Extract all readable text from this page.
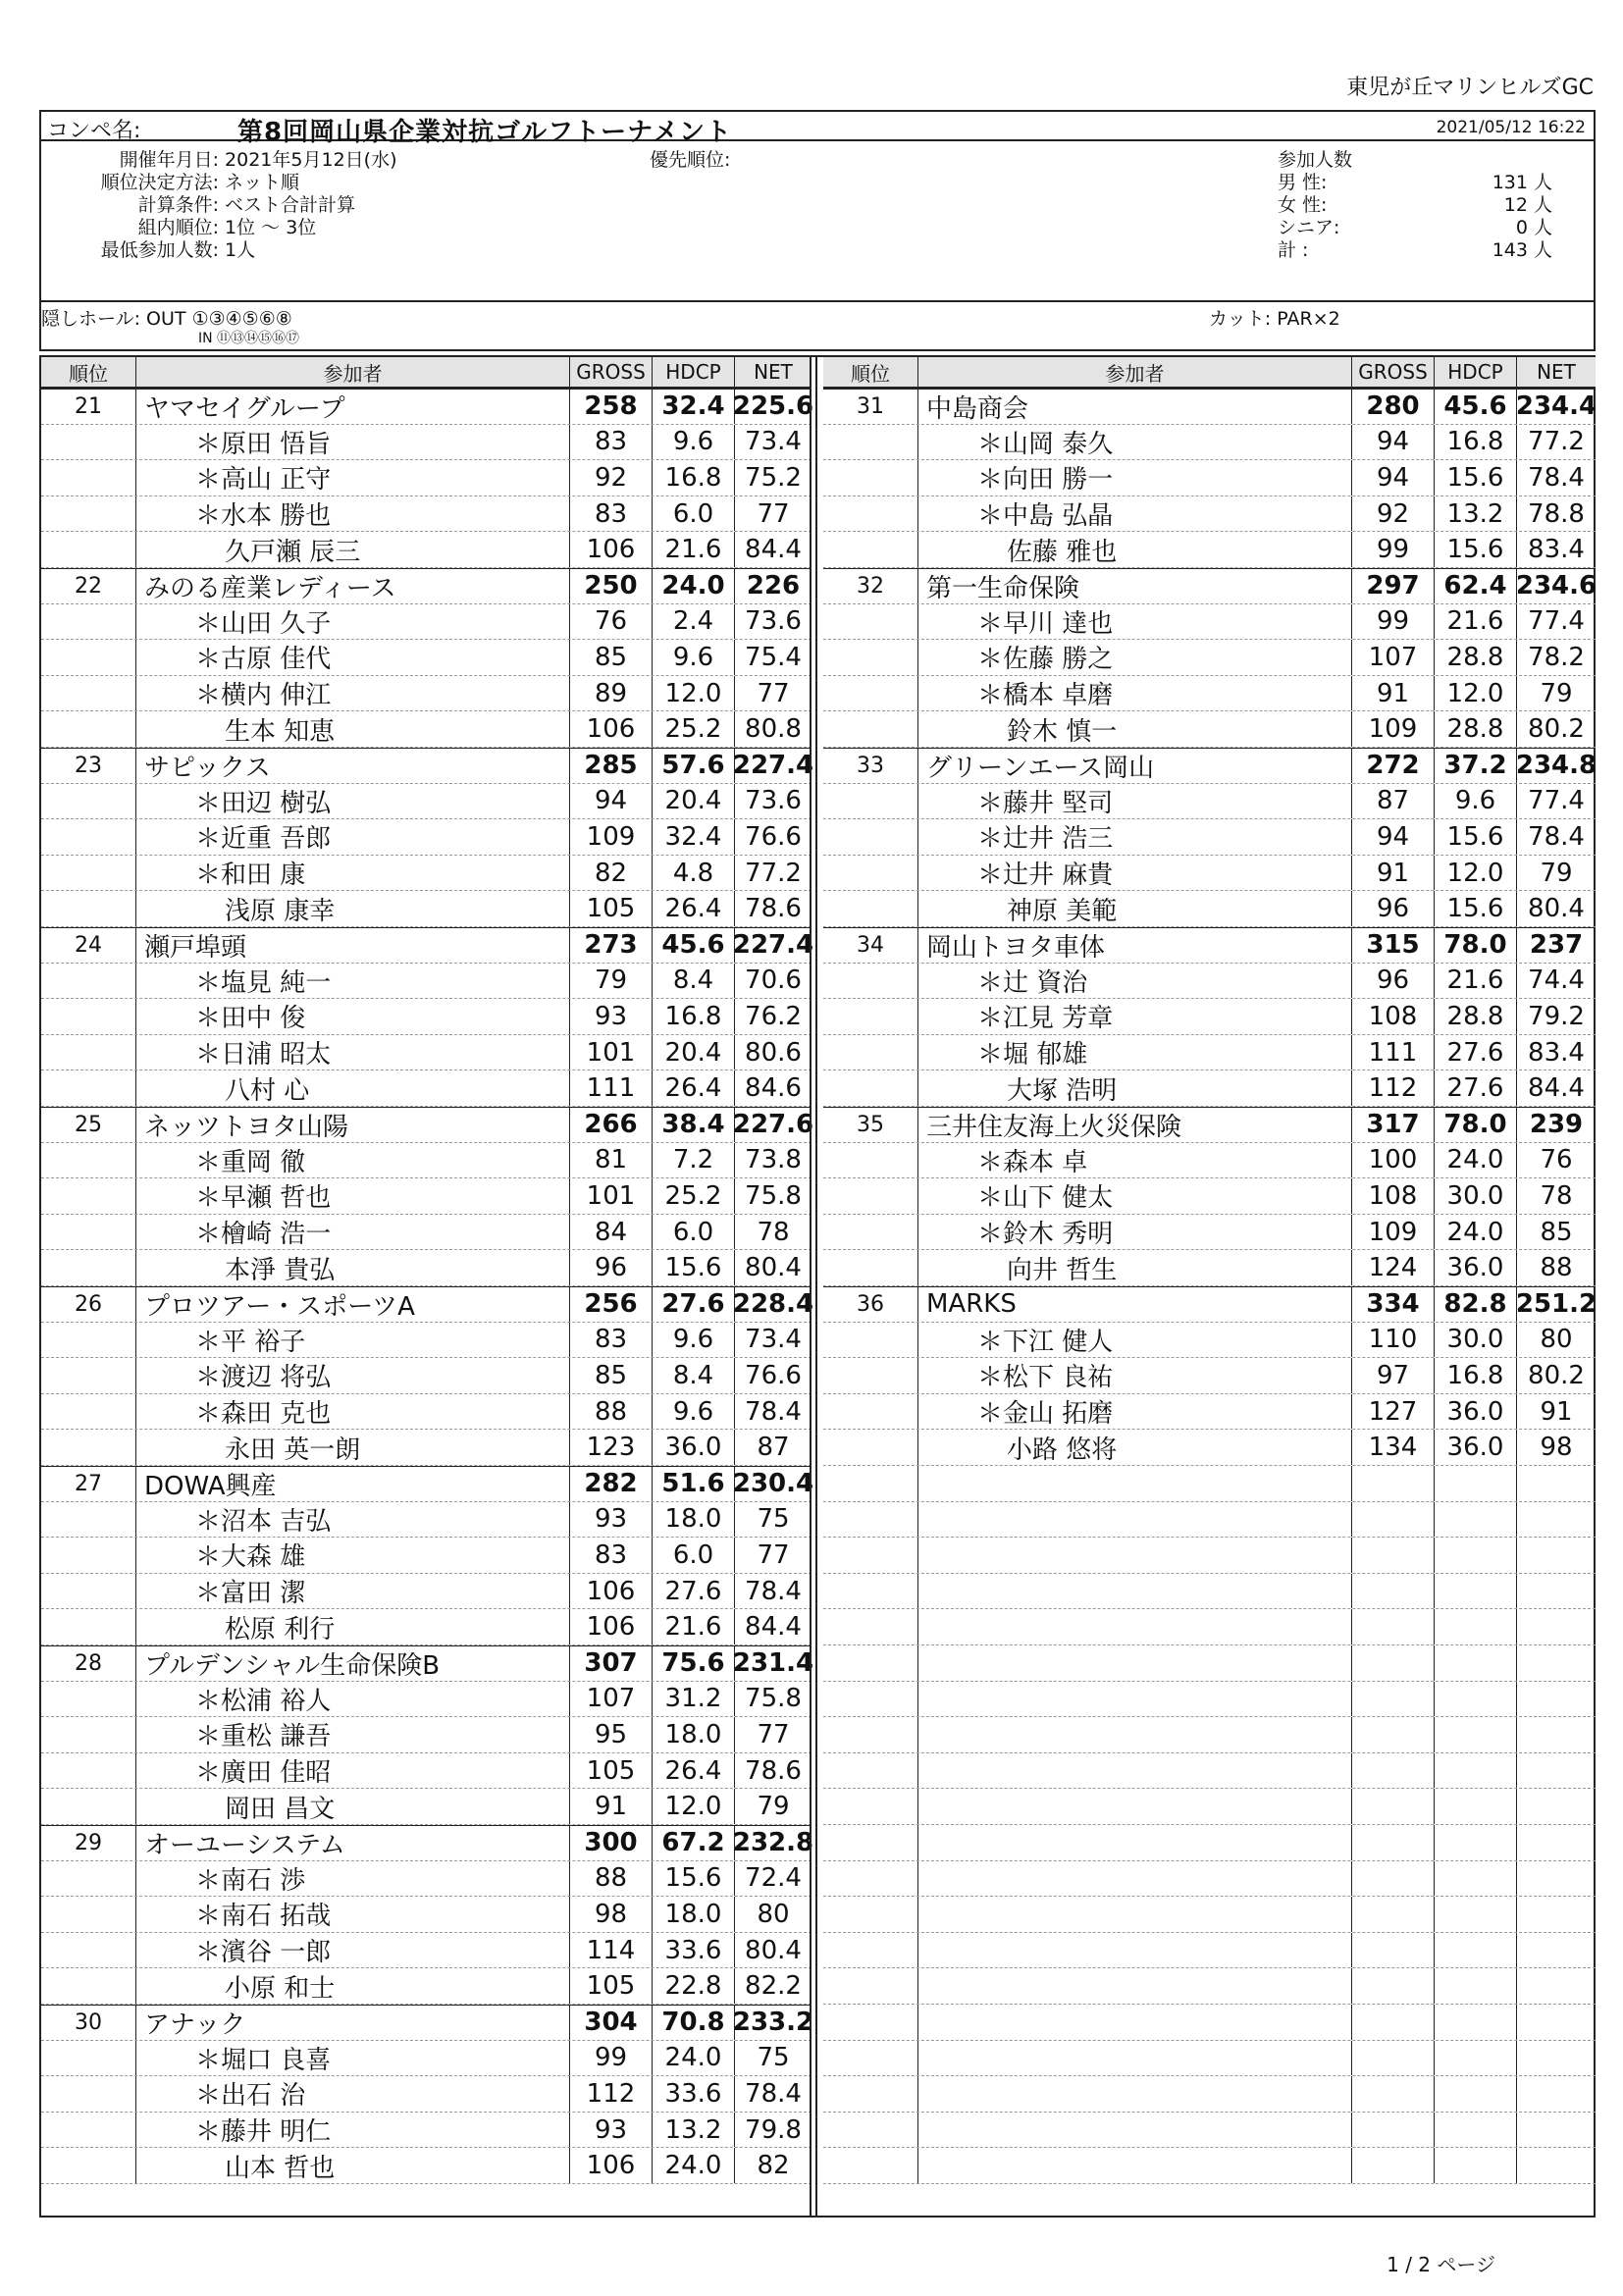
東児が丘マリンヒルズGC
コンペ名:	第8回岡山県企業対抗ゴルフトーナメント	2021/05/12 16:22
開催年月日: 2021年5月12日(水)
順位決定方法: ネット順
計算条件: ベスト合計計算
組内順位: 1位 ～ 3位
最低参加人数: 1人
優先順位:	参加人数
男 性:	131 人
女 性:	12 人
シニア:	0 人
計 :	143 人
隠しホール: OUT ①③④⑤⑥⑧
IN ⑪⑬⑭⑮⑯⑰
カット: PAR×2
順位	参加者	GROSS	HDCP	NET
21	ヤマセイグループ	258 32.4 225.6
＊原田 悟旨	83	9.6	73.4
＊高山 正守	92	16.8 75.2
＊水本 勝也	83	6.0	77
久戸瀬 辰三	106	21.6 84.4
22	みのる産業レディース	250 24.0 226
＊山田 久子	76	2.4	73.6
＊古原 佳代	85	9.6	75.4
＊横内 伸江	89	12.0	77
生本 知恵	106	25.2 80.8
23	サピックス	285 57.6 227.4
＊田辺 樹弘	94	20.4 73.6
＊近重 吾郎	109	32.4 76.6
＊和田 康	82	4.8	77.2
浅原 康幸	105	26.4 78.6
24	瀬戸埠頭	273 45.6 227.4
＊塩見 純一	79	8.4	70.6
＊田中 俊	93	16.8 76.2
＊日浦 昭太	101	20.4 80.6
八村 心	111	26.4 84.6
25	ネッツトヨタ山陽	266 38.4 227.6
＊重岡 徹	81	7.2	73.8
＊早瀬 哲也	101	25.2 75.8
＊檜崎 浩一	84	6.0	78
本淨 貴弘	96	15.6 80.4
26	プロツアー・スポーツA	256 27.6 228.4
＊平 裕子	83	9.6	73.4
＊渡辺 将弘	85	8.4	76.6
＊森田 克也	88	9.6	78.4
永田 英一朗	123	36.0	87
27	DOWA興産	282 51.6 230.4
＊沼本 吉弘	93	18.0	75
＊大森 雄	83	6.0	77
＊富田 潔	106	27.6 78.4
松原 利行	106	21.6 84.4
28	プルデンシャル生命保険B	307 75.6 231.4
＊松浦 裕人	107	31.2 75.8
＊重松 謙吾	95	18.0	77
＊廣田 佳昭	105	26.4 78.6
岡田 昌文	91	12.0	79
29	オーユーシステム	300 67.2 232.8
＊南石 渉	88	15.6 72.4
＊南石 拓哉	98	18.0	80
＊濱谷 一郎	114	33.6 80.4
小原 和士	105	22.8 82.2
30	アナック	304 70.8 233.2
＊堀口 良喜	99	24.0	75
＊出石 治	112	33.6 78.4
＊藤井 明仁	93	13.2 79.8
山本 哲也	106	24.0	82
順位	参加者	GROSS	HDCP	NET
31	中島商会	280 45.6 234.4
＊山岡 泰久	94	16.8 77.2
＊向田 勝一	94	15.6 78.4
＊中島 弘晶	92	13.2 78.8
佐藤 雅也	99	15.6 83.4
32	第一生命保険	297 62.4 234.6
＊早川 達也	99	21.6 77.4
＊佐藤 勝之	107	28.8 78.2
＊橋本 卓磨	91	12.0	79
鈴木 慎一	109	28.8 80.2
33	グリーンエース岡山	272 37.2 234.8
＊藤井 堅司	87	9.6	77.4
＊辻井 浩三	94	15.6 78.4
＊辻井 麻貴	91	12.0	79
神原 美範	96	15.6 80.4
34	岡山トヨタ車体	315 78.0 237
＊辻 資治	96	21.6 74.4
＊江見 芳章	108	28.8 79.2
＊堀 郁雄	111	27.6 83.4
大塚 浩明	112	27.6 84.4
35	三井住友海上火災保険	317 78.0 239
＊森本 卓	100	24.0	76
＊山下 健太	108	30.0	78
＊鈴木 秀明	109	24.0	85
向井 哲生	124	36.0	88
36	MARKS	334 82.8 251.2
＊下江 健人	110	30.0	80
＊松下 良祐	97	16.8 80.2
＊金山 拓磨	127	36.0	91
小路 悠将	134	36.0	98
1 / 2 ページ
